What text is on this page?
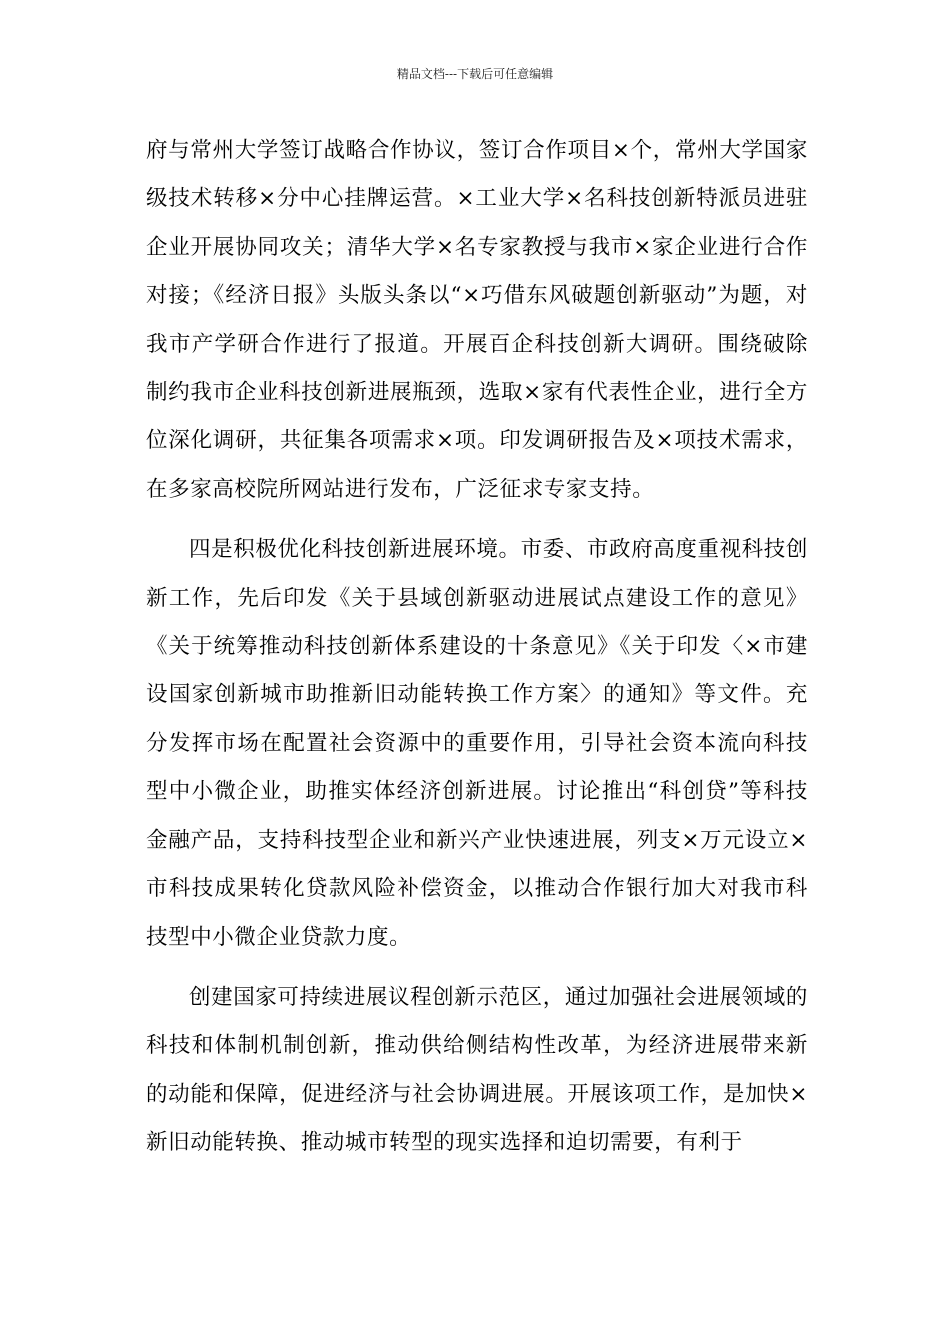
精品文档---下载后可任意编辑

府与常州大学签订战略合作协议，签订合作项目×个，常州大学国家级技术转移×分中心挂牌运营。×工业大学×名科技创新特派员进驻企业开展协同攻关；清华大学×名专家教授与我市×家企业进行合作对接；《经济日报》头版头条以“×巧借东风破题创新驱动”为题，对我市产学研合作进行了报道。开展百企科技创新大调研。围绕破除制约我市企业科技创新进展瓶颈，选取×家有代表性企业，进行全方位深化调研，共征集各项需求×项。印发调研报告及×项技术需求，在多家高校院所网站进行发布，广泛征求专家支持。

四是积极优化科技创新进展环境。市委、市政府高度重视科技创新工作，先后印发《关于县域创新驱动进展试点建设工作的意见》《关于统筹推动科技创新体系建设的十条意见》《关于印发〈×市建设国家创新城市助推新旧动能转换工作方案〉的通知》等文件。充分发挥市场在配置社会资源中的重要作用，引导社会资本流向科技型中小微企业，助推实体经济创新进展。讨论推出“科创贷”等科技金融产品，支持科技型企业和新兴产业快速进展，列支×万元设立×市科技成果转化贷款风险补偿资金，以推动合作银行加大对我市科技型中小微企业贷款力度。

创建国家可持续进展议程创新示范区，通过加强社会进展领域的科技和体制机制创新，推动供给侧结构性改革，为经济进展带来新的动能和保障，促进经济与社会协调进展。开展该项工作，是加快×新旧动能转换、推动城市转型的现实选择和迫切需要，有利于
